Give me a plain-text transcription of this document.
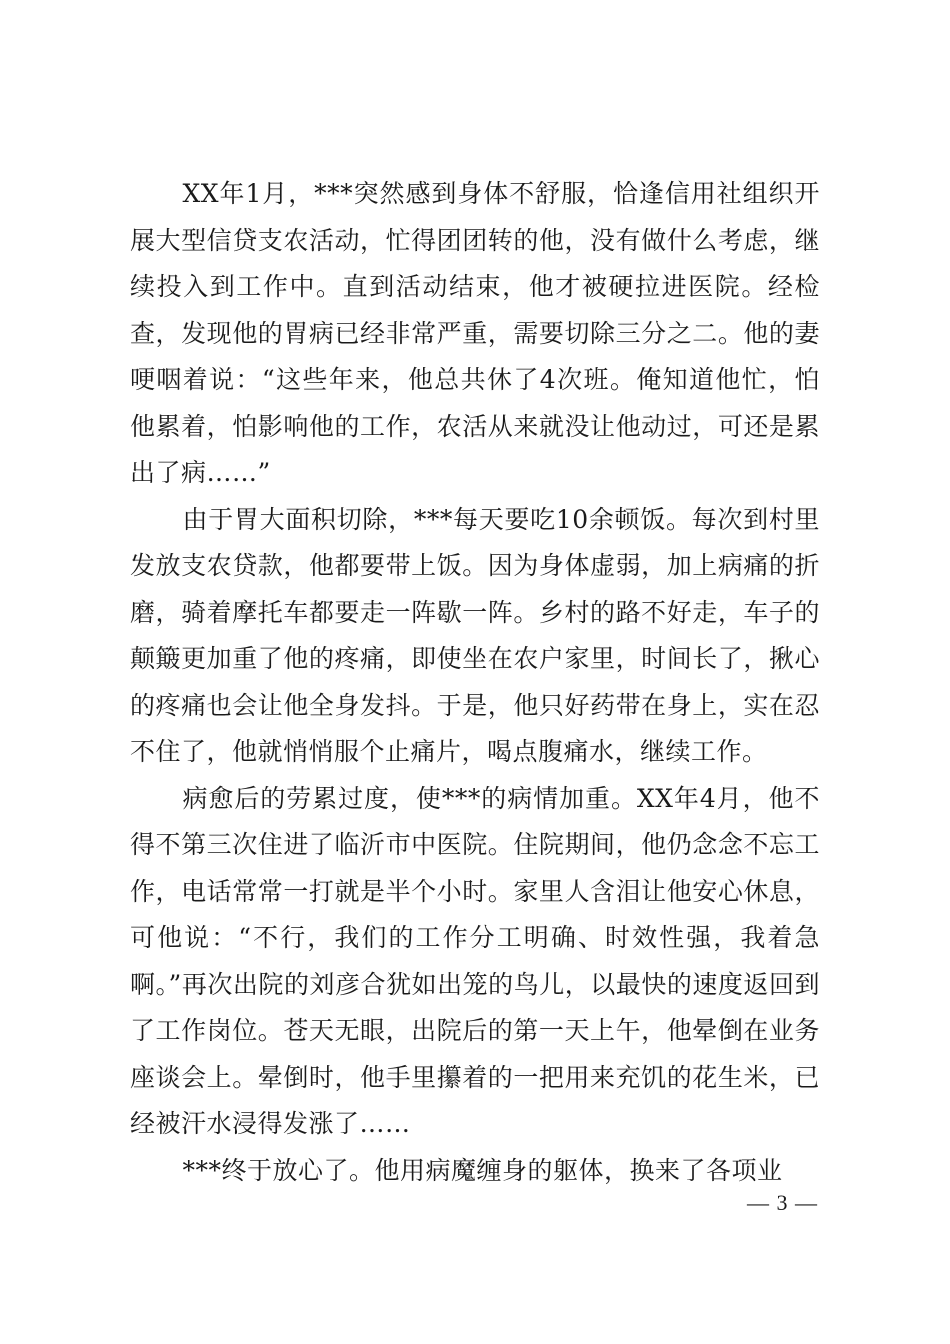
XX年1月，***突然感到身体不舒服，恰逢信用社组织开展大型信贷支农活动，忙得团团转的他，没有做什么考虑，继续投入到工作中。直到活动结束，他才被硬拉进医院。经检查，发现他的胃病已经非常严重，需要切除三分之二。他的妻哽咽着说：“这些年来，他总共休了4次班。俺知道他忙，怕他累着，怕影响他的工作，农活从来就没让他动过，可还是累出了病……”

由于胃大面积切除，***每天要吃10余顿饭。每次到村里发放支农贷款，他都要带上饭。因为身体虚弱，加上病痛的折磨，骑着摩托车都要走一阵歇一阵。乡村的路不好走，车子的颠簸更加重了他的疼痛，即使坐在农户家里，时间长了，揪心的疼痛也会让他全身发抖。于是，他只好药带在身上，实在忍不住了，他就悄悄服个止痛片，喝点腹痛水，继续工作。

病愈后的劳累过度，使***的病情加重。XX年4月，他不得不第三次住进了临沂市中医院。住院期间，他仍念念不忘工作，电话常常一打就是半个小时。家里人含泪让他安心休息，可他说：“不行，我们的工作分工明确、时效性强，我着急啊。”再次出院的刘彦合犹如出笼的鸟儿，以最快的速度返回到了工作岗位。苍天无眼，出院后的第一天上午，他晕倒在业务座谈会上。晕倒时，他手里攥着的一把用来充饥的花生米，已经被汗水浸得发涨了……

***终于放心了。他用病魔缠身的躯体，换来了各项业

— 3 —
